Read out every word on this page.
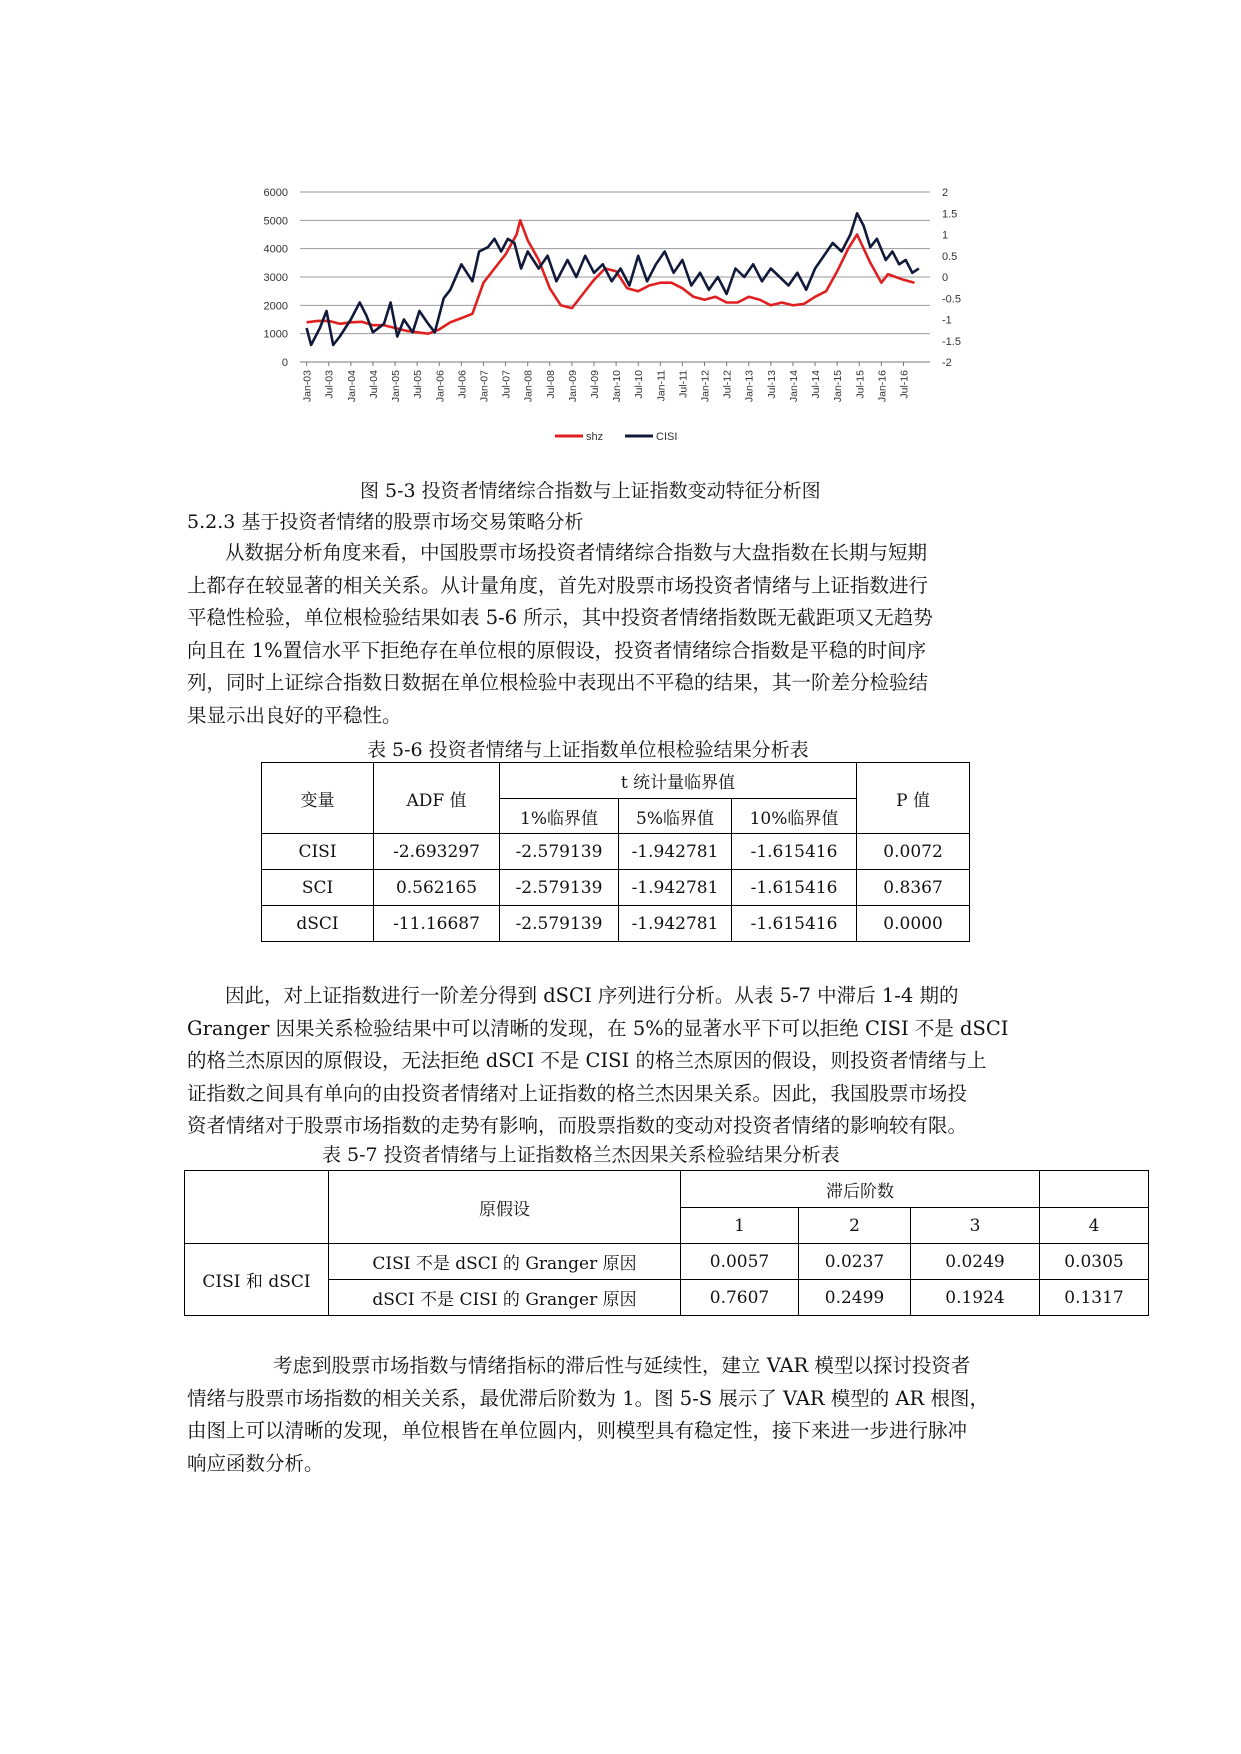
6000
5000
4000
3000
2000
1000
0
2
1.5
1
0.5
0
-0.5
-1
-1.5
-2
Jan-03 Jul-03 Jan-04 Jul-04 Jan-05 Jul-05 Jan-06 Jul-06 Jan-07 Jul-07 Jan-08 Jul-08 Jan-09 Jul-09 Jan-10 Jul-10 Jan-11 Jul-11 Jan-12 Jul-12 Jan-13 Jul-13 Jan-14 Jul-14 Jan-15 Jul-15 Jan-16 Jul-16
shz	CISI
图 5-3 投资者情绪综合指数与上证指数变动特征分析图
5.2.3 基于投资者情绪的股票市场交易策略分析
从数据分析角度来看，中国股票市场投资者情绪综合指数与大盘指数在长期与短期
上都存在较显著的相关关系。从计量角度，首先对股票市场投资者情绪与上证指数进行
平稳性检验，单位根检验结果如表 5-6 所示，其中投资者情绪指数既无截距项又无趋势
向且在 1%置信水平下拒绝存在单位根的原假设，投资者情绪综合指数是平稳的时间序
列，同时上证综合指数日数据在单位根检验中表现出不平稳的结果，其一阶差分检验结
果显示出良好的平稳性。
表 5-6 投资者情绪与上证指数单位根检验结果分析表
变量	ADF 值	t 统计量临界值			P 值
		1%临界值	5%临界值	10%临界值	
CISI	-2.693297	-2.579139	-1.942781	-1.615416	0.0072
SCI	0.562165	-2.579139	-1.942781	-1.615416	0.8367
dSCI	-11.16687	-2.579139	-1.942781	-1.615416	0.0000
因此，对上证指数进行一阶差分得到 dSCI 序列进行分析。从表 5-7 中滞后 1-4 期的
Granger 因果关系检验结果中可以清晰的发现，在 5%的显著水平下可以拒绝 CISI 不是 dSCI
的格兰杰原因的原假设，无法拒绝 dSCI 不是 CISI 的格兰杰原因的假设，则投资者情绪与上
证指数之间具有单向的由投资者情绪对上证指数的格兰杰因果关系。因此，我国股票市场投
资者情绪对于股票市场指数的走势有影响，而股票指数的变动对投资者情绪的影响较有限。
表 5-7 投资者情绪与上证指数格兰杰因果关系检验结果分析表
	原假设	滞后阶数			
		1	2	3	4
CISI 和 dSCI	CISI 不是 dSCI 的 Granger 原因	0.0057	0.0237	0.0249	0.0305
	dSCI 不是 CISI 的 Granger 原因	0.7607	0.2499	0.1924	0.1317
考虑到股票市场指数与情绪指标的滞后性与延续性，建立 VAR 模型以探讨投资者
情绪与股票市场指数的相关关系，最优滞后阶数为 1。图 5-S 展示了 VAR 模型的 AR 根图，
由图上可以清晰的发现，单位根皆在单位圆内，则模型具有稳定性，接下来进一步进行脉冲
响应函数分析。
